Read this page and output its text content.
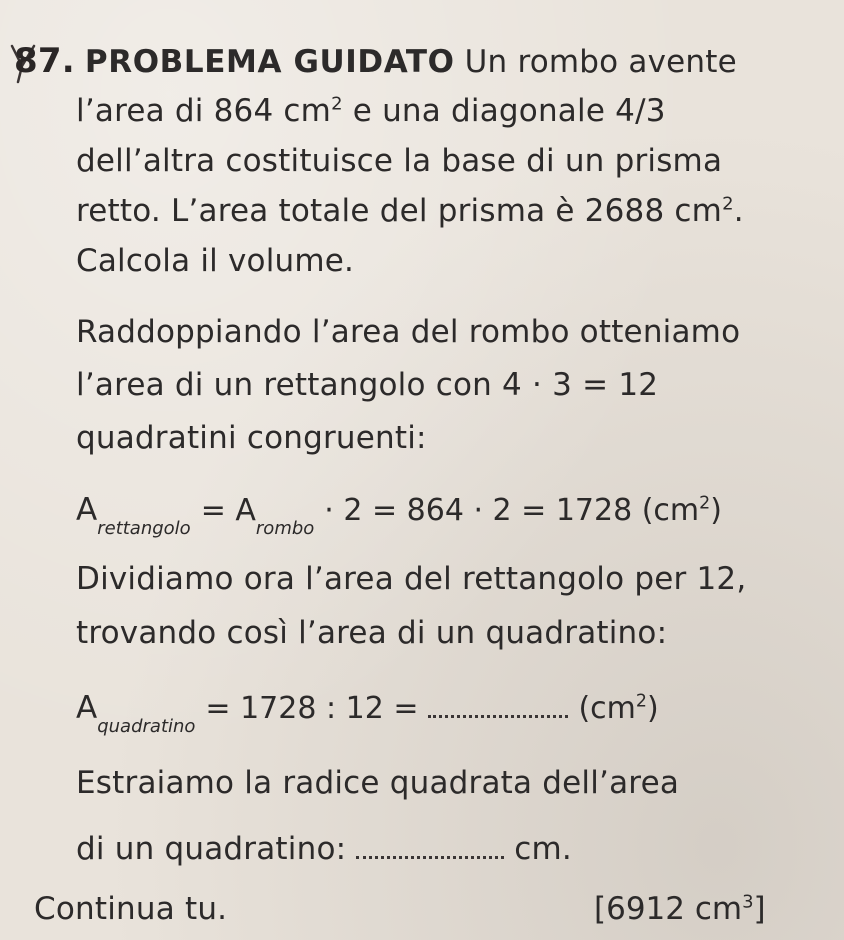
87. PROBLEMA GUIDATO Un rombo avente
l’area di 864 $cm^2$ e una diagonale 4/3
dell’altra costituisce la base di un prisma
retto. L’area totale del prisma è 2688 $cm^2$.
Calcola il volume.
Raddoppiando l’area del rombo otteniamo
l’area di un rettangolo con 4 · 3 = 12
quadratini congruenti:
$A_{rettangolo}= A_{rombo}\cdot 2 = 864 \cdot 2 = 1728$ $(cm^2)$
Dividiamo ora l’area del rettangolo per 12,
trovando così l’area di un quadratino:
$A_{quadratino}= 1728$ : 12 =	$(cm^2)$
Estraiamo la radice quadrata dell’area
di un quadratino:	cm.
Continua tu.	[6912 $cm^3$]
